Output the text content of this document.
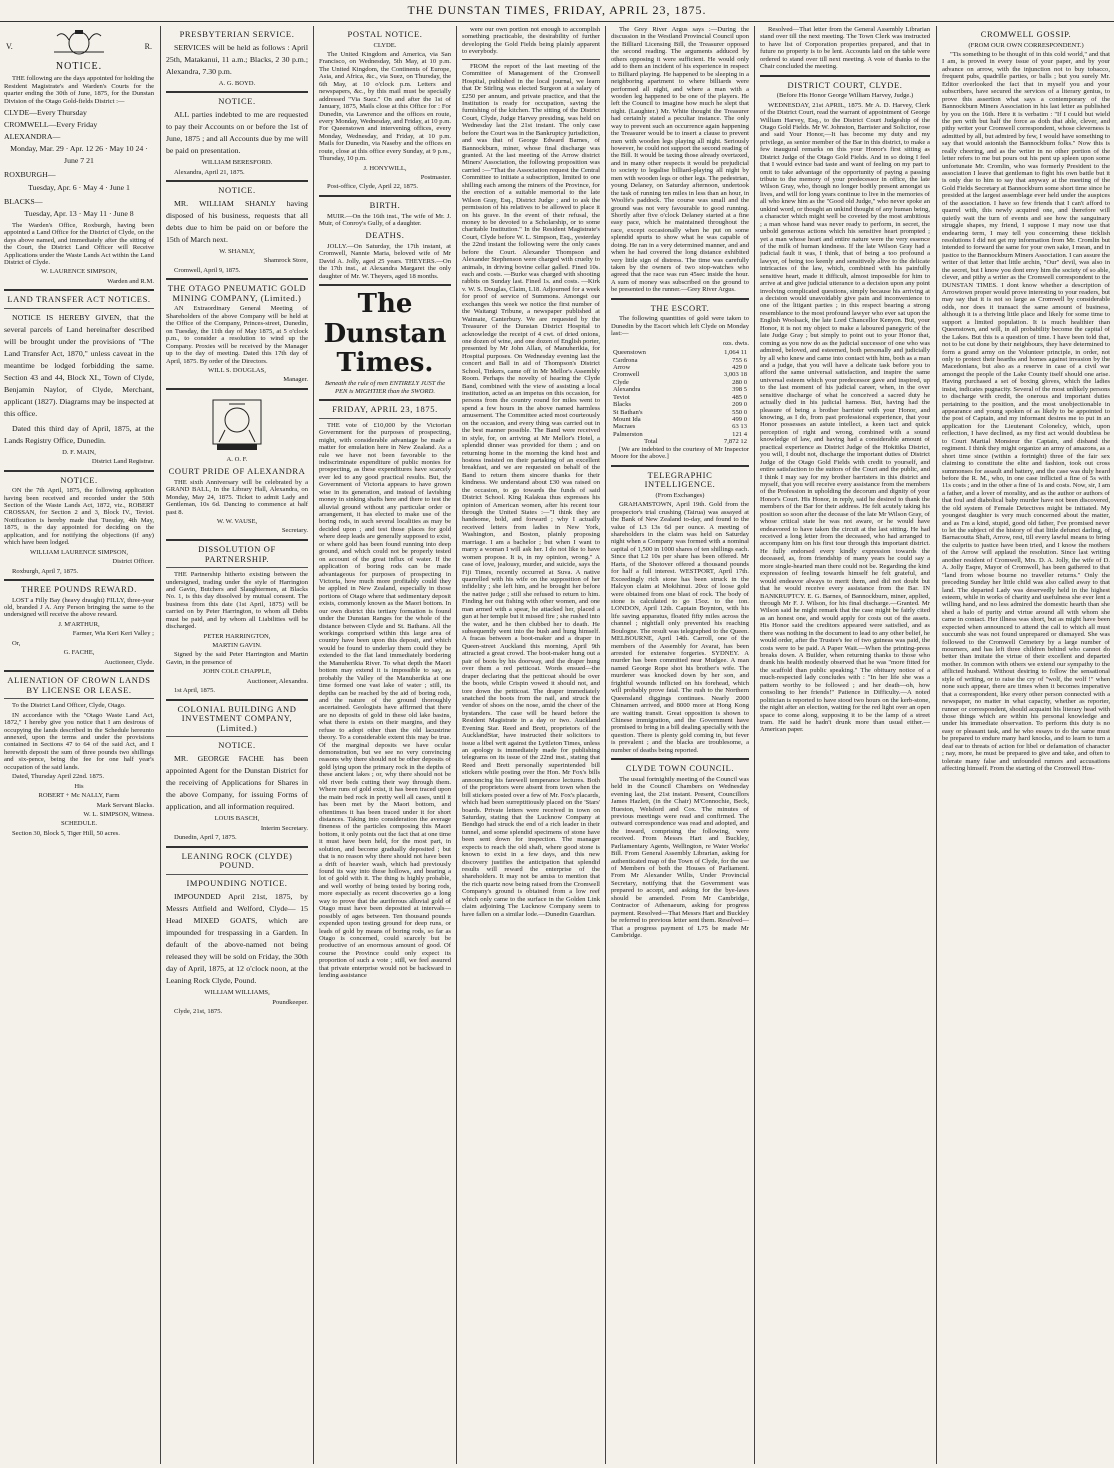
THE DUNSTAN TIMES, FRIDAY, APRIL 23, 1875.
V.	R.
NOTICE.

THE following are the days appointed for holding the Resident Magistrate's and Warden's Courts for the quarter ending the 30th of June, 1875, for the Dunstan Division of the Otago Gold-fields District :—

CLYDE—Every Thursday

CROMWELL—Every Friday

ALEXANDRA—

Monday, Mar. 29 · Apr. 12 26 · May 10 24 · June 7 21

ROXBURGH—

Tuesday, Apr. 6 · May 4 · June 1

BLACKS—

Tuesday, Apr. 13 · May 11 · June 8

The Warden's Office, Roxburgh, having been appointed a Land Office for the District of Clyde, on the days above named, and immediately after the sitting of the Court, the District Land Officer will Receive Applications under the Waste Lands Act within the Land District of Clyde.

W. LAURENCE SIMPSON,

Warden and R.M.

LAND TRANSFER ACT NOTICES.

NOTICE IS HEREBY GIVEN, that the several parcels of Land hereinafter described will be brought under the provisions of "The Land Transfer Act, 1870," unless caveat in the meantime be lodged forbidding the same. Section 43 and 44, Block XI., Town of Clyde, Benjamin Naylor, of Clyde, Merchant, applicant (1827). Diagrams may be inspected at this office.

Dated this third day of April, 1875, at the Lands Registry Office, Dunedin.

D. F. MAIN,

District Land Registrar.

NOTICE.

ON the 7th April, 1875, the following application having been received and recorded under the 50th Section of the Waste Lands Act, 1872, viz., ROBERT CROSSAN, for Section 2 and 3, Block IV., Teviot. Notification is hereby made that Tuesday, 4th May, 1875, is the day appointed for deciding on the application, and for notifying the objections (if any) which have been lodged.

WILLIAM LAURENCE SIMPSON,

District Officer.

Roxburgh, April 7, 1875.

THREE POUNDS REWARD.

LOST a Filly Bay (heavy draught) FILLY, three-year old, branded J A. Any Person bringing the same to the undersigned will receive the above reward.

J. M'ARTHUR,

Farmer, Wia Keri Keri Valley ;

Or,

G. FACHE,

Auctioneer, Clyde.

ALIENATION OF CROWN LANDS BY LICENSE OR LEASE.

To the District Land Officer, Clyde, Otago.

IN accordance with the "Otago Waste Land Act, 1872," I hereby give you notice that I am desirous of occupying the lands described in the Schedule hereunto annexed, upon the terms and under the provisions contained in Sections 47 to 64 of the said Act, and I herewith deposit the sum of three pounds two shillings and six-pence, being the fee for one half year's occupation of the said lands.

Dated, Thursday April 22nd. 1875.

His

ROBERT + Mc NALLY, Farm

Mark Servant Blacks.

W. L. SIMPSON, Witness.

SCHEDULE.

Section 30, Block 5, Tiger Hill, 50 acres.

PRESBYTERIAN SERVICE.

SERVICES will be held as follows : April 25th, Matakanui, 11 a.m.; Blacks, 2 30 p.m.; Alexandra, 7.30 p.m.

A. G. BOYD.

NOTICE.

ALL parties indebted to me are requested to pay their Accounts on or before the 1st of June, 1875 ; and all Accounts due by me will be paid on presentation.

WILLIAM BERESFORD.

Alexandra, April 21, 1875.

NOTICE.

MR. WILLIAM SHANLY having disposed of his business, requests that all debts due to him be paid on or before the 15th of March next.

W. SHANLY,

Shamrock Store,

Cromwell, April 9, 1875.

THE OTAGO PNEUMATIC GOLD MINING COMPANY, (Limited.)

AN Extraordinary General Meeting of Shareholders of the above Company will be held at the Office of the Company, Princes-street, Dunedin, on Tuesday, the 11th day of May 1875, at 5 o'clock p.m., to consider a resolution to wind up the Company. Proxies will be received by the Manager up to the day of meeting. Dated this 17th day of April, 1875. By order of the Directors.

WILL S. DOUGLAS,

Manager.

A. O. F.

COURT PRIDE OF ALEXANDRA

THE sixth Anniversary will be celebrated by a GRAND BALL, In the Library Hall, Alexandra, on Monday, May 24, 1875. Ticket to admit Lady and Gentleman, 10s 6d. Dancing to commence at half past 8.

W. W. VAUSE,

Secretary.

DISSOLUTION OF PARTNERSHIP.

THE Partnership hitherto existing between the undersigned, trading under the style of Harrington and Gavin, Butchers and Slaughtermen, at Blacks No. 1, is this day dissolved by mutual consent. The business from this date (1st April, 1875) will be carried on by Peter Harrington, to whom all Debts must be paid, and by whom all Liabilities will be discharged.

PETER HARRINGTON,

MARTIN GAVIN.

Signed by the said Peter Harrington and Martin Gavin, in the presence of

JOHN COLE CHAPPLE,

Auctioneer, Alexandra.

1st April, 1875.

COLONIAL BUILDING AND INVESTMENT COMPANY, (Limited.)
NOTICE.

MR. GEORGE FACHE has been appointed Agent for the Dunstan District for the receiving of Applications for Shares in the above Company, for issuing Forms of application, and all information required.

LOUIS BASCH,

Interim Secretary.

Dunedin, April 7, 1875.

LEANING ROCK (CLYDE) POUND.
IMPOUNDING NOTICE.

IMPOUNDED April 21st, 1875, by Messrs Attfield and Welford, Clyde— 15 Head MIXED GOATS, which are impounded for trespassing in a Garden. In default of the above-named not being released they will be sold on Friday, the 30th day of April, 1875, at 12 o'clock noon, at the Leaning Rock Clyde, Pound.

WILLIAM WILLIAMS,

Poundkeeper.

Clyde, 21st, 1875.

POSTAL NOTICE.

CLYDE.

The United Kingdom and America, via San Francisco, on Wednesday, 5th May, at 10 p.m. The United Kingdom, the Continents of Europe, Asia, and Africa, &c., via Suez, on Thursday, the 6th May, at 10 o'clock p.m. Letters and newspapers, &c., by this mail must be specially addressed "Via Suez." On and after the 1st of January, 1875, Mails close at this Office for : For Dunedin, via Lawrence and the offices en route, every Monday, Wednesday, and Friday, at 10 p.m. For Queenstown and intervening offices, every Monday, Wednesday, and Friday, at 10 p.m. Mails for Dunedin, via Naseby and the offices en route, close at this office every Sunday, at 9 p.m., Thursday, 10 p.m.

J. HONYWILL,

Postmaster.

Post-office, Clyde, April 22, 1875.

BIRTH.

MUIR.—On the 16th inst., The wife of Mr. J. Muir, of Conroy's Gully, of a daughter.

DEATHS.

JOLLY.—On Saturday, the 17th instant, at Cromwell, Nannie Maria, beloved wife of Mr David A. Jolly, aged 25 years. THEYERS.—On the 17th inst., at Alexandra Margaret the only daughter of Mr. W. Theyers, aged 18 months.

The Dunstan Times.

Beneath the rule of men ENTIRELY JUST the PEN is MIGHTIER than the SWORD.

FRIDAY, APRIL 23, 1875.

THE vote of £10,000 by the Victorian Government for the purposes of prospecting, might, with considerable advantage be made a matter for emulation here in New Zealand. As a rule we have not been favorable to the indiscriminate expenditure of public monies for prospecting, as these expenditures have scarcely ever led to any good practical results. But, the Government of Victoria appears to have grown wise in its generation, and instead of lavishing money in sinking shafts here and there to test the alluvial ground without any particular order or arrangement, it has elected to make use of the boring rods, in such several localities as may be decided upon ; and test those places for gold where deep leads are generally supposed to exist, or where gold has been found running into deep ground, and which could not be properly tested on account of the great influx of water. If the application of boring rods can be made advantageous for purposes of prospecting in Victoria, how much more profitably could they be applied in New Zealand, especially in those portions of Otago where that sedimentary deposit exists, commonly known as the Maori bottom. In our own district this tertiary formation is found under the Dunstan Ranges for the whole of the distance between Clyde and St. Bathans. All the workings comprised within this large area of country have been upon this deposit, and which would be found to underlay them could they be extended to the flat land immediately bordering the Manuherikia River. To what depth the Maori bottom may extend it is impossible to say, as probably the Valley of the Manuherikia at one time formed one vast lake of water ; still, its depths can be reached by the aid of boring rods, and the nature of the ground thoroughly ascertained. Geologists have affirmed that there are no deposits of gold in these old lake basins, what there is exists on their margins, and they refuse to adopt other than the old lacustrine theory. To a considerable extent this may be true. Of the marginal deposits we have ocular demonstration, but we see no very convincing reasons why there should not be other deposits of gold lying upon the primary rock in the depths of these ancient lakes ; or, why there should not be old river beds cutting their way through them. Where runs of gold exist, it has been traced upon the main bed rock in pretty well all cases, until it has been met by the Maori bottom, and oftentimes it has been traced under it for short distances. Taking into consideration the average fineness of the particles composing this Maori bottom, it only points out the fact that at one time it must have been held, for the most part, in solution, and become gradually deposited ; but that is no reason why there should not have been a drift of heavier wash, which had previously found its way into these hollows, and bearing a lot of gold with it. The thing is highly probable, and well worthy of being tested by boring rods, more especially as recent discoveries go a long way to prove that the auriferous alluvial gold of Otago must have been deposited at intervals—possibly of ages between. Ten thousand pounds expended upon testing ground for deep runs, or leads of gold by means of boring rods, so far as Otago is concerned, could scarcely but be productive of an enormous amount of good. Of course the Province could only expect its proportion of such a vote ; still, we feel assured that private enterprise would not be backward in lending assistance

were our own portion not enough to accomplish something practicable, the desirability of further developing the Gold Fields being plainly apparent to everybody.

FROM the report of the last meeting of the Committee of Management of the Cromwell Hospital, published in the local journal, we learn that Dr Stirling was elected Surgeon at a salary of £250 per annum, and private practice, and that the Institution is ready for occupation, saving the furnishing of the kitchen. The sitting of the District Court, Clyde, Judge Harvey presiding, was held on Wednesday last the 21st instant. The only case before the Court was in the Bankruptcy jurisdiction, and was that of George Edward Barnes, of Bannockburn, miner, whose final discharge was granted. At the last meeting of the Arrow district Miners' Association, the following proposition was carried :—"That the Association request the Central Committee to initiate a subscription, limited to one shilling each among the miners of the Province, for the erection of a suitable memorial to the late Wilson Gray, Esq., District Judge ; and to ask the permission of his relatives to be allowed to place it on his grave. In the event of their refusal, the money to be devoted to a Scholarship, or to some charitable Institution." In the Resident Magistrate's Court, Clyde before W. L. Simpson, Esq., yesterday the 22nd instant the following were the only cases before the Court. Alexander Thompson and Alexander Stephenson were charged with cruelty to animals, in driving bovine cellar galled. Fined 10s. each and costs. —Burke was charged with shooting rabbits on Sunday last. Fined 1s. and costs. —Kirk v. W. S. Douglas, Claim, L18. Adjourned for a week for proof of service of Summons. Amongst our exchanges this week we notice the first number of the Waitangi Tribune, a newspaper published at Waimate, Canterbury. We are requested by the Treasurer of the Dunstan District Hospital to acknowledge the receipt of 4 cwt. of dried onions, one dozen of wine, and one dozen of English porter, presented by Mr John Allan, of Manuherikia, for Hospital purposes. On Wednesday evening last the concert and Ball in aid of Thompson's District School, Tinkers, came off in Mr Mellor's Assembly Room. Perhaps the novelty of hearing the Clyde Band, combined with the view of assisting a local institution, acted as an impetus on this occasion, for persons from the country round for miles went to spend a few hours in the above named harmless amusement. The Committee acted most courteously on the occasion, and every thing was carried out in the best manner possible. The Band were received in style, for, on arriving at Mr Mellor's Hotel, a splendid dinner was provided for them ; and on returning home in the morning the kind host and hostess insisted on their partaking of an excellent breakfast, and we are requested on behalf of the Band to return them sincere thanks for their kindness. We understand about £30 was raised on the occasion, to go towards the funds of said District School. King Kalakua thus expresses his opinion of American women, after his recent tour through the United States :—"I think they are handsome, bold, and forward ; why I actually received letters from ladies in New York, Washington, and Boston, plainly proposing marriage. I am a bachelor ; but when I want to marry a woman I will ask her. I do not like to have women propose. It is, in my opinion, wrong." A case of love, jealousy, murder, and suicide, says the Fiji Times, recently occurred at Suva. A native quarrelled with his wife on the supposition of her infidelity ; she left him, and he brought her before the native judge ; still she refused to return to him. Finding her out fishing with other women, and one man armed with a spear, he attacked her, placed a gun at her temple but it missed fire ; she rushed into the water, and he then clubbed her to death. He subsequently went into the bush and hung himself. A fracas between a boot-maker and a draper in Queen-street Auckland this morning, April 9th attracted a great crowd. The boot-maker hung out a pair of boots by his doorway, and the draper hung over them a red petticoat. Words ensued—the draper declaring that the petticoat should be over the boots, while Crispin vowed it should not, and tore down the petticoat. The draper immediately snatched the boots from the nail, and struck the vendor of shoes on the nose, amid the cheer of the bystanders. The case will be heard before the Resident Magistrate in a day or two. Auckland Evening Star. Reed and Brett, proprietors of the AucklandStar, have instructed their solicitors to issue a libel writ against the Lyttleton Times, unless an apology is immediately made for publishing telegrams on its issue of the 22nd inst., stating that Reed and Brett personally superintended bill stickers while posting over the Hon. Mr Fox's bills announcing his farewell temperance lectures. Both of the proprietors were absent from town when the bill stickers posted over a few of Mr. Fox's placards, which had been surreptitiously placed on the 'Stars' boards. Private letters were received in town on Saturday, stating that the Lucknow Company at Bendigo had struck the end of a rich leader in their tunnel, and some splendid specimens of stone have been sent down for inspection. The manager expects to reach the old shaft, where good stone is known to exist in a few days, and this new discovery justifies the anticipation that splendid results will reward the enterprise of the shareholders. It may not be amiss to mention that the rich quartz now being raised from the Cromwell Company's ground is obtained from a low reef which only came to the surface in the Golden Link claim adjoining The Lucknow Company seem to have fallen on a similar lode.—Dunedin Guardian.

The Grey River Argus says :—During the discussion in the Westland Provincial Council upon the Billiard Licensing Bill, the Treasurer opposed the second reading. The arguments adduced by others opposing it were sufficient. He would only add to them an incident of his experience in respect to Billiard playing. He happened to be sleeping in a neighboring apartment to where billiards were performed all night, and where a man with a wooden leg happened to be one of the players. He left the Council to imagine how much he slept that night. (Laughter.) Mr. White thought the Treasurer had certainly stated a peculiar instance. The only way to prevent such an occurrence again happening the Treasurer would be to insert a clause to prevent men with wooden legs playing all night. Seriously however, he could not support the second reading of the Bill. It would be taxing those already overtaxed, and in many other respects it would be prejudicial to society to legalise billiard-playing all night by men with wooden legs or other legs. The pedestrian, young Delaney, on Saturday afternoon, undertook the task of running ten miles in less than an hour, in Woolfe's paddock. The course was small and the ground was not very favourable to good running. Shortly after five o'clock Delaney started at a fine easy pace, which he maintained throughout the race, except occasionally when he put on some splendid spurts to show what he was capable of doing. He ran in a very determined manner, and and when he had covered the long distance exhibited very little sign of distress. The time was carefully taken by the owners of two stop-watches who agreed that the race was run 45sec inside the hour. A sum of money was subscribed on the ground to be presented to the runner.—Grey River Argus.

THE ESCORT.

The following quantities of gold were taken to Dunedin by the Escort which left Clyde on Monday last:—

ozs. dwts.

Queenstown	1,064 11
Cardrona	755 6
Arrow	429 0
Cromwell	3,003 18
Clyde	280 0
Alexandra	398 5
Teviot	485 0
Blacks	209 0
St Bathan's	550 0
Mount Ida	499 0
Macraes	63 13
Palmerston	121 4
Total	7,872 12

[We are indebted to the courtesy of Mr Inspector Moore for the above.]

TELEGRAPHIC INTELLIGENCE.

(From Exchanges)

GRAHAMSTOWN, April 19th. Gold from the prospector's trial crushing (Tairua) was assayed at the Bank of New Zealand to-day, and found to the value of L3 13s 6d per ounce. A meeting of shareholders in the claim was held on Saturday night when a Company was formed with a nominal capital of 1,500 in 1000 shares of ten shillings each. Since that L2 10s per share has been offered. Mr Harts, of the Shotover offered a thousand pounds for half a full interest. WESTPORT, April 17th. Exceedingly rich stone has been struck in the Halcyon claim at Mokihinui. 20oz of loose gold were obtained from one blast of rock. The body of stone is calculated to go 15oz. to the ton. LONDON, April 12th. Captain Boynton, with his life saving apparatus, floated fifty miles across the channel ; nightfall only prevented his reaching Boulogne. The result was telegraphed to the Queen. MELBOURNE, April 14th. Carroll, one of the members of the Assembly for Avarat, has been arrested for extensive forgeries. SYDNEY. A murder has been committed near Mudgee. A man named George Rope shot his brother's wife. The murderer was knocked down by her son, and frightful wounds inflicted on his forehead, which will probably prove fatal. The rush to the Northern Queensland diggings continues. Nearly 2000 Chinamen arrived, and 8000 more at Hong Kong are waiting transit. Great opposition is shown to Chinese immigration, and the Government have promised to bring in a bill dealing specially with the question. There is plenty gold coming in, but fever is prevalent ; and the blacks are troublesome, a number of deaths being reported.

CLYDE TOWN COUNCIL.

The usual fortnightly meeting of the Council was held in the Council Chambers on Wednesday evening last, the 21st instant. Present, Councillors James Hazlett, (in the Chair) M'Connochie, Beck, Hueston, Welsford and Cox. The minutes of previous meetings were read and confirmed. The outward correspondence was read and adopted, and the inward, comprising the following, were received. From Messrs Hart and Buckley, Parliamentary Agents, Wellington, re Water Works' Bill. From General Assembly Librarian, asking for authenticated map of the Town of Clyde, for the use of Members of both the Houses of Parliament. From Mr Alexander Willis, Under Provincial Secretary, notifying that the Government was prepared to accept, and asking for the bye-laws should be amended. From Mr Cambridge, Contractor of Athenaeum, asking for progress payment. Resolved—That Messrs Hart and Buckley be referred to previous letter sent them. Resolved—That a progress payment of L75 be made Mr Cambridge.

Resolved—That letter from the General Assembly Librarian stand over till the next meeting. The Town Clerk was instructed to have list of Corporation properties prepared, and that in future no property is to be lent. Accounts laid on the table were ordered to stand over till next meeting. A vote of thanks to the Chair concluded the meeting.

DISTRICT COURT, CLYDE.

(Before His Honor George William Harvey, Judge.)

WEDNESDAY, 21st APRIL, 1875. Mr A. D. Harvey, Clerk of the District Court, read the warrant of appointment of George William Harvey, Esq., to the District Court Judgeship of the Otago Gold Fields. Mr W. Johnston, Barrister and Solicitor, rose and said Your Honor,—It has become my duty and my privilege, as senior member of the Bar in this district, to make a few inaugural remarks on this your Honor's first sitting as District Judge of the Otago Gold Fields. And in so doing I feel that I would evince bad taste and want of feeling on my part to omit to take advantage of the opportunity of paying a passing tribute to the memory of your predecessor in office, the late Wilson Gray, who, though no longer bodily present amongst us lives, and will for long years continue to live in the memories of all who knew him as the "Good old Judge," who never spoke an unkind word, or thought an unkind thought of any human being, a character which might well be coveted by the most ambitious ; a man whose hand was never ready to perform, in secret, the unbold generous actions which his sensitive heart prompted ; yet a man whose heart and entire nature were the very essence of the milk of human kindness. If the late Wilson Gray had a judicial fault it was, I think, that of being a too profound a lawyer, of being too keenly and sensitively alive to the delicate intricacies of the law, which, combined with his painfully sensitive heart, made it difficult, almost impossible for him to arrive at and give judicial utterance to a decision upon any point involving complicated questions, simply because his arriving at a decision would unavoidably give pain and inconvenience to one of the litigant parties ; in this respect bearing a strong resemblance to the most profound lawyer who ever sat upon the English Woolsack, the late Lord Chancellor Kenyon. But, your Honor, it is not my object to make a laboured panegyric of the late Judge Gray ; but simply to point out to your Honor that, coming as you now do as the judicial successor of one who was admired, beloved, and esteemed, both personally and judicially by all who knew and came into contact with him, both as a man and a judge, that you will have a delicate task before you to afford the same universal satisfaction, and inspire the same universal esteem which your predecessor gave and inspired, up to the last moment of his judicial career, when, in the over sensitive discharge of what he conceived a sacred duty he actually died in his judicial harness. But, having had the pleasure of being a brother barrister with your Honor, and knowing, as I do, from past professional experience, that your Honor possesses an astute intellect, a keen tact and quick perception of right and wrong, combined with a sound knowledge of law, and having had a considerable amount of practical experience as District Judge of the Hokitika District, you will, I doubt not, discharge the important duties of District Judge of the Otago Gold Fields with credit to yourself, and entire satisfaction to the suitors of the Court and the public, and I think I may say for my brother barristers in this district and myself, that you will receive every assistance from the members of the Profession in upholding the decorum and dignity of your Honor's Court. His Honor, in reply, said he desired to thank the members of the Bar for their address. He felt acutely taking his position so soon after the decease of the late Mr Wilson Gray, of whose critical state he was not aware, or he would have endeavored to have taken the circuit at the last sitting. He had received a long letter from the deceased, who had arranged to accompany him on his first tour through this important district. He fully endorsed every kindly expression towards the deceased, as, from friendship of many years he could say a more single-hearted man there could not be. Regarding the kind expression of feeling towards himself he felt grateful, and would endeavor always to merit them, and did not doubt but that he would receive every assistance from the Bar. IN BANKRUPTCY. E. G. Barnes, of Bannockburn, miner, applied, through Mr F. J. Wilson, for his final discharge.—Granted. Mr Wilson said he might remark that the case might be fairly cited as an honest one, and would apply for costs out of the assets. His Honor said the creditors appeared were satisfied, and as there was nothing in the document to lead to any other belief, he would order, after the Trustee's fee of two guineas was paid, the costs were to be paid. A Paper Wait.—When the printing-press breaks down. A Builder, when returning thanks to those who drank his health modestly observed that he was "more fitted for the scaffold than public speaking." The obituary notice of a much-respected lady concludes with : "In her life she was a pattern worthy to be followed ; and her death—oh, how consoling to her friends!" Patience in Difficulty.—A noted politician is reported to have stood two hours on the kerb-stone, the night after an election, waiting for the red light over an open space to come along, supposing it to be the lamp of a street tram. He said he hadn't drunk more than usual either.—American paper.

CROMWELL GOSSIP.

(FROM OUR OWN CORRESPONDENT.)

"Tis something to be thought of in this cold world," and that I am, is proved in every issue of your paper, and by your advance on arrow, with the injunction not to buy tobacco, frequent pubs, quadrille parties, or balls ; but you surely Mr. Editor overlooked the fact that in myself you and your subscribers, have secured the services of a literary genius, to prove this assertion what says a contemporary of the Bannockburn Miners Association in his last letter as published by you on the 16th. Here it is verbatim : "If I could but wield the pen with but half the force as doth that able, clever, and pithy writer your Cromwell correspondent, whose cleverness is admitted by all, but admired by few, I would have something to say that would astonish the Bannockburn folks." Now this is really cheering, and as the writer in no other portion of the letter refers to me but pours out his pent up spleen upon some unfortunate Mr. Cromlin, who was formerly President to the association I leave that gentleman to fight his own battle but it is only due to him to say that anyway at the meeting of the Gold Fields Secretary at Bannockburn some short time since he presided at the largest assemblage ever held under the auspices of the association. I have so few friends that I can't afford to quarrel with, this newly acquired one, and therefore will quietly wait the turn of events and see how the sanguinary struggle shapes, my friend, I suppose I may now use that endearing term, I may tell you concerning these ticklish resolutions I did not get my information from Mr. Cromlin but intended to forward the same for your own sake, I mean, and in justice to the Bannockburn Miners Association. I can assure the writer of that letter that little archin, "Our" devil, was also in the secret, but I know you dont envy him the society of so able, clever, and pithy a writer as the Cromwell correspondent to the DUNSTAN TIMES. I dont know whether a description of Arrowtown proper would prove interesting to your readers, but may say that it is not so large as Cromwell by considerable odds, nor does it transact the same amount of business, although it is a thriving little place and likely for some time to support a limited population. It is much healthier than Queenstown, and will, in all probability become the capital of the Lakes. But this is a question of time. I have been told that, not to be cut done by their neighbours, they have determined to form a grand army on the Volunteer principle, in order, not only to protect their hearths and homes against invasion by the Macedonians, but also as a reserve in case of a civil war amongst the people of the Lake County itself should one arise. Having purchased a set of boxing gloves, which the ladies insist, indicates pugnacity. Several of the most unlikely persons to discharge with credit, the onerous and important duties pertaining to the position, and the most unobjectionable in appearance and young spoken of as likely to be appointed to the post of Captain, and my informant desires me to put in an application for the Lieutenant Colonelcy, which, upon reflection, I have declined, as my first act would doubtless be to Court Martial Monsieur the Captain, and disband the regiment. I think they might organize an army of amazons, as a short time since (within a fortnight) three of the fair sex claiming to constitute the elite and fashion, took out cross summonses for assault and battery, and the case was duly heard before the R. M., who, in one case inflicted a fine of 5s with 11s costs ; and in the other a fine of 1s and costs. Now, sir, I am a father, and a lover of morality, and as the author or authors of that foul and diabolical baby murder have not been discovered, the old system of Female Detectives might be initiated. My youngest daughter is very much concerned about the matter, and as I'm a kind, stupid, good old father, I've promised never to let the subject of the history of that little defunct darling, of Barnacoutta Shaft, Arrow, rest, till every lawful means to bring the culprits to justice have been tried, and I know the mothers of the Arrow will applaud the resolution. Since last writing another resident of Cromwell, Mrs. D. A. Jolly, the wife of D. A. Jolly Esqre, Mayor of Cromwell, has been gathered to that "land from whose bourne no traveller returns." Only the preceding Sunday her little child was also called away to that land. The departed Lady was deservedly held in the highest esteem, while in works of charity and usefulness she ever lent a willing hand, and no less admired the domestic hearth than she shed a halo of purity and virtue around all with whom she came in contact. Her illness was short, but as might have been expected when announced to attend the call to which all must succumb she was not found unprepared or dismayed. She was followed to the Cromwell Cemetery by a large number of mourners, and has left three children behind who cannot do better than imitate the virtue of their excellent and departed mother. In common with others we extend our sympathy to the afflicted husband. Without desiring to follow the sensational style of writing, or to raise the cry of "wolf, the wolf !" when none such appear, there are times when it becomes imperative that a correspondent, like every other person connected with a newspaper, no matter in what capacity, whether as reporter, runner or correspondent, should acquaint his literary head with those things which are within his personal knowledge and under his immediate observation. To perform this duty is no easy or pleasant task, and he who essays to do the same must be prepared to endure many hard knocks, and to learn to turn a deaf ear to threats of action for libel or defamation of character ; nay, more, he must be prepared to give and take, and often to tolerate many false and unfounded rumors and accusations affecting himself. From the starting of the Cromwell Hos-
